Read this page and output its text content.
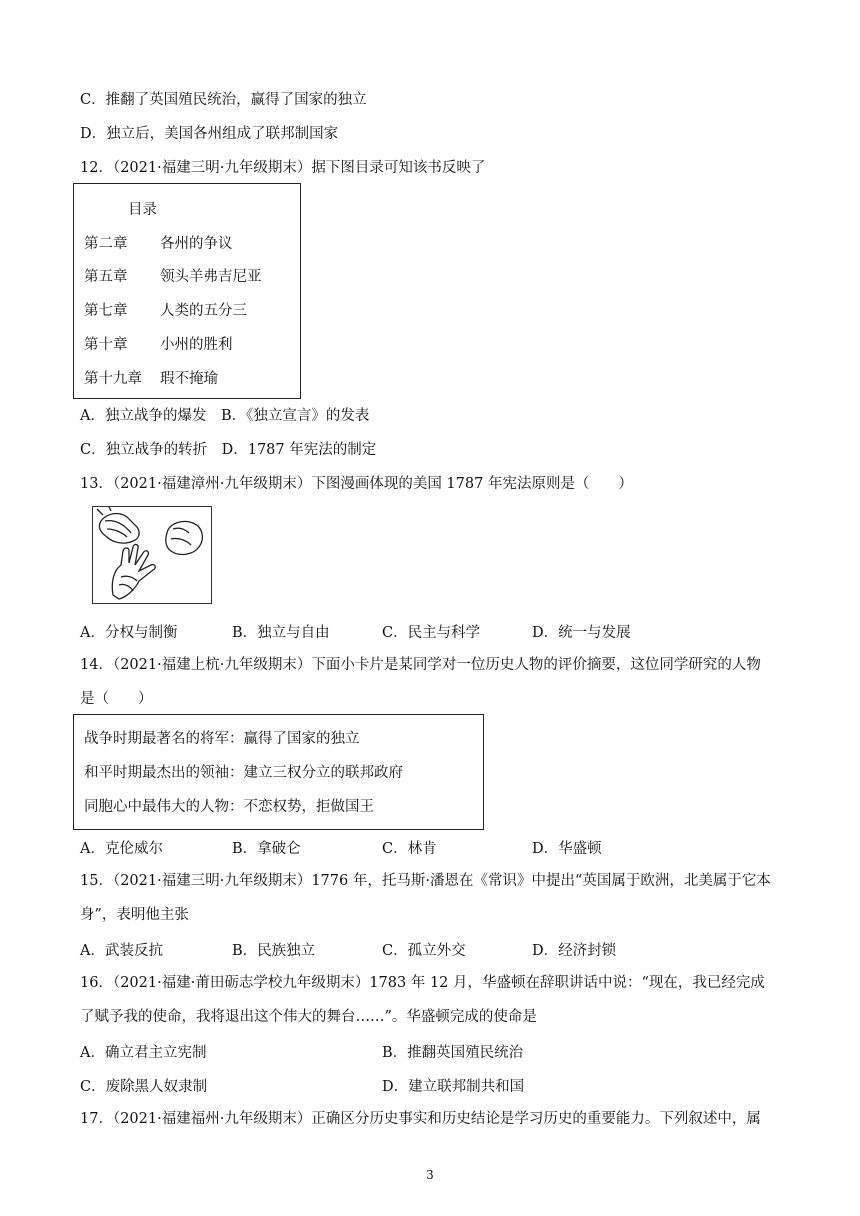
C．推翻了英国殖民统治，赢得了国家的独立
D．独立后，美国各州组成了联邦制国家
12．（2021·福建三明·九年级期末）据下图目录可知该书反映了
目录
第二章 各州的争议
第五章 领头羊弗吉尼亚
第七章 人类的五分三
第十章 小州的胜利
第十九章 瑕不掩瑜
A．独立战争的爆发　B．《独立宣言》的发表
C．独立战争的转折　D．1787 年宪法的制定
13．（2021·福建漳州·九年级期末）下图漫画体现的美国 1787 年宪法原则是（　　）
A．分权与制衡	B．独立与自由	C．民主与科学	D．统一与发展
14．（2021·福建上杭·九年级期末）下面小卡片是某同学对一位历史人物的评价摘要，这位同学研究的人物
是（　　）
战争时期最著名的将军：赢得了国家的独立
和平时期最杰出的领袖：建立三权分立的联邦政府
同胞心中最伟大的人物：不恋权势，拒做国王
A．克伦威尔	B．拿破仑	C．林肯	D．华盛顿
15．（2021·福建三明·九年级期末）1776 年，托马斯·潘恩在《常识》中提出“英国属于欧洲，北美属于它本
身”，表明他主张
A．武装反抗	B．民族独立	C．孤立外交	D．经济封锁
16．（2021·福建·莆田砺志学校九年级期末）1783 年 12 月，华盛顿在辞职讲话中说：“现在，我已经完成
了赋予我的使命，我将退出这个伟大的舞台……”。华盛顿完成的使命是
A．确立君主立宪制	B．推翻英国殖民统治
C．废除黑人奴隶制	D．建立联邦制共和国
17．（2021·福建福州·九年级期末）正确区分历史事实和历史结论是学习历史的重要能力。下列叙述中，属
3
